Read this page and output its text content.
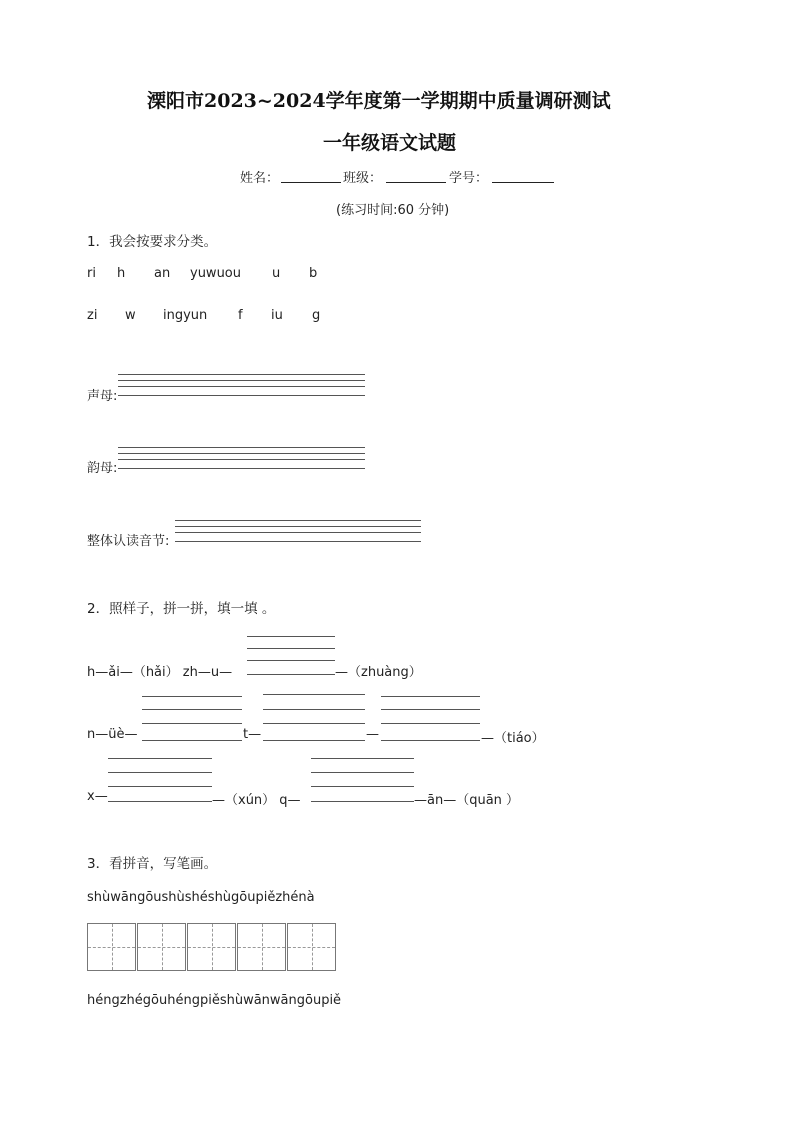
溧阳市2023~2024学年度第一学期期中质量调研测试
一年级语文试题
姓名：	班级：	学号：
(练习时间:60 分钟)
1．我会按要求分类。
ri h an yuwuou u b
zi w ingyun f iu g
声母:
韵母:
整体认读音节:
2．照样子，拼一拼，填一填 。
h—ǎi—（hǎi） zh—u—	—（zhuàng）
n—üè—	t—	—	—（tiáo）
x—	—（xún） q—	—ān—（quān ）
3．看拼音，写笔画。
shùwāngōushùshéshùgōupiězhénà
héngzhégōuhéngpiěshùwānwāngōupiě
